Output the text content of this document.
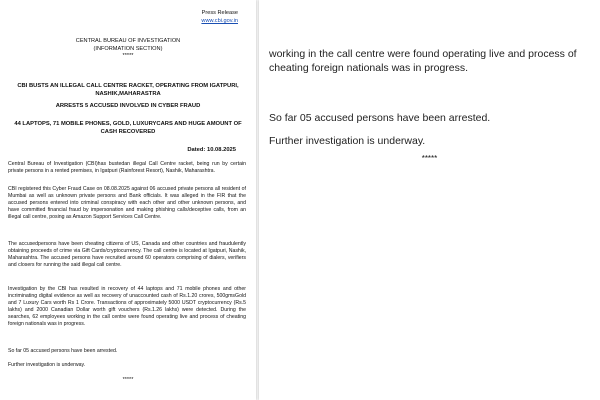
Press Release
www.cbi.gov.in
CENTRAL BUREAU OF INVESTIGATION
(INFORMATION SECTION)
*****
CBI BUSTS AN ILLEGAL CALL CENTRE RACKET, OPERATING FROM IGATPURI, NASHIK,MAHARASTRA
ARRESTS 5 ACCUSED INVOLVED IN CYBER FRAUD
44 LAPTOPS, 71 MOBILE PHONES, GOLD, LUXURYCARS AND HUGE AMOUNT OF CASH RECOVERED
Dated: 10.08.2025

Central Bureau of Investigation (CBI)has bustedan illegal Call Centre racket, being run by certain private persons in a rented premises, in Igatpuri (Rainforest Resort), Nashik, Maharashtra.

CBI registered this Cyber Fraud Case on 08.08.2025 against 06 accused private persons all resident of Mumbai as well as unknown private persons and Bank officials. It was alleged in the FIR that the accused persons entered into criminal conspiracy with each other and other unknown persons, and have committed financial fraud by impersonation and making phishing calls/deceptive calls, from an illegal call centre, posing as Amazon Support Services Call Centre.

The accusedpersons have been cheating citizens of US, Canada and other countries and fraudulently obtaining proceeds of crime via Gift Cards/cryptocurrency. The call centre is located at Igatpuri, Nashik, Maharashtra. The accused persons have recruited around 60 operators comprising of dialers, verifiers and closers for running the said illegal call centre.

Investigation by the CBI has resulted in recovery of 44 laptops and 71 mobile phones and other incriminating digital evidence as well as recovery of unaccounted cash of Rs.1.20 crores, 500gmsGold and 7 Luxury Cars worth Rs 1 Crore. Transactions of approximately 5000 USDT cryptocurrency (Rs.5 lakhs) and 2000 Canadian Dollar worth gift vouchers (Rs.1.26 lakhs) were detected. During the searches, 62 employees working in the call centre were found operating live and process of cheating foreign nationals was in progress.

So far 05 accused persons have been arrested.

Further investigation is underway.

*****

working in the call centre were found operating live and process of cheating foreign nationals was in progress.

So far 05 accused persons have been arrested.

Further investigation is underway.

*****
